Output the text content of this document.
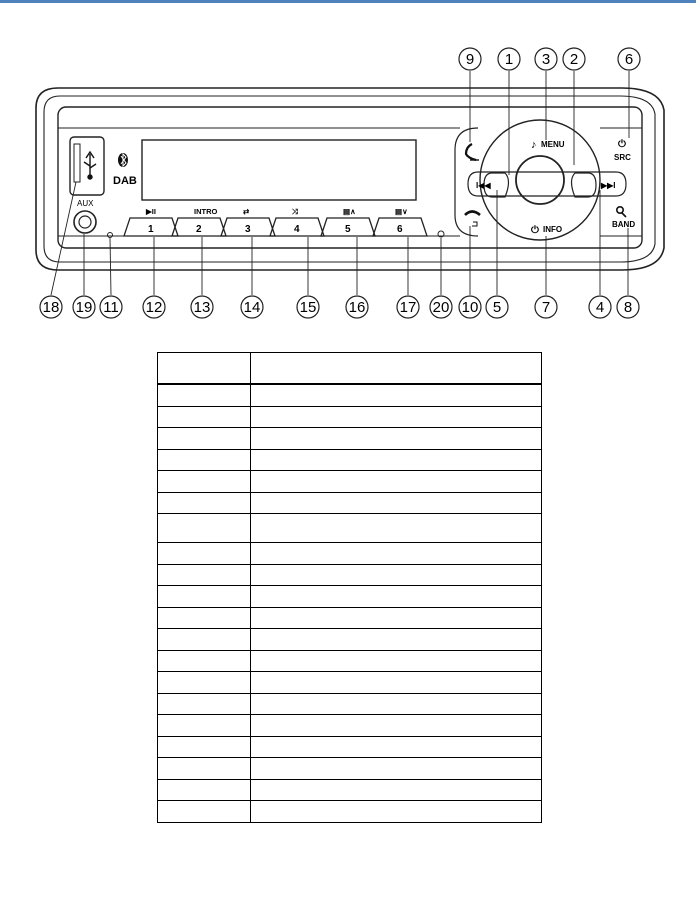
DAB
AUX
1
▶II
2
INTRO
3
⇄
4
⤨
5
▤∧
6
▤∨
I◀◀	▶▶I
♪ MENU
⏻ INFO
⏻
SRC
BAND
9 1 3 2	6
18 19 11 12 13 14	15 16 17 20 10 5	7	4 8
